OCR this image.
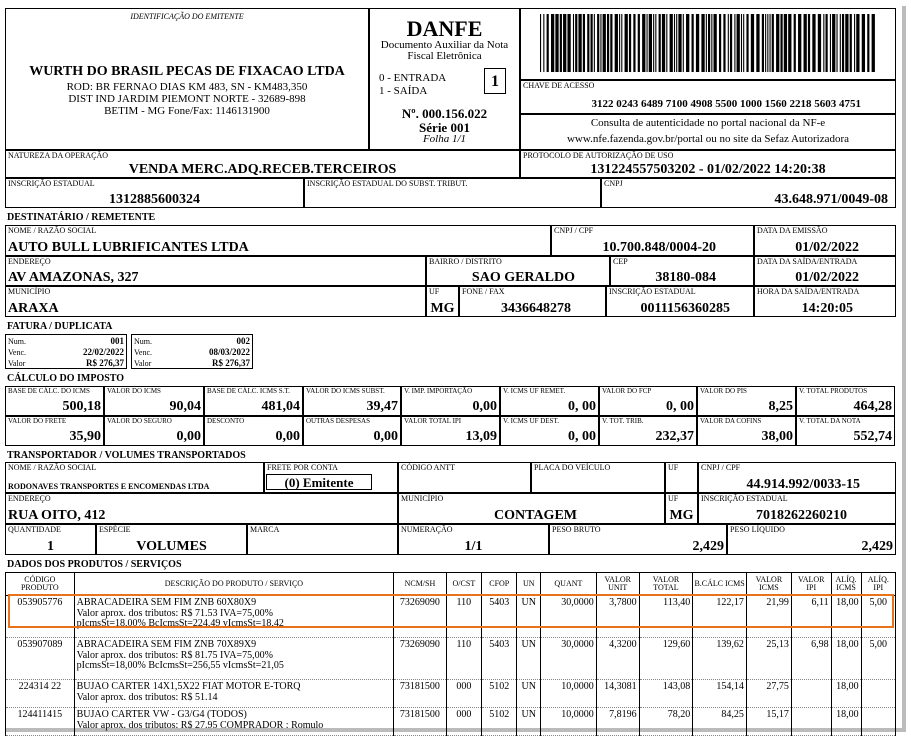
IDENTIFICAÇÃO DO EMITENTE
WURTH DO BRASIL PECAS DE FIXACAO LTDA
ROD: BR FERNAO DIAS KM 483, SN - KM483,350
DIST IND JARDIM PIEMONT NORTE - 32689-898
BETIM - MG Fone/Fax: 1146131900
DANFE
Documento Auxiliar da Nota
Fiscal Eletrônica
0 - ENTRADA
1 - SAÍDA
1
Nº. 000.156.022
Série 001
Folha 1/1
CHAVE DE ACESSO
3122 0243 6489 7100 4908 5500 1000 1560 2218 5603 4751
Consulta de autenticidade no portal nacional da NF-e
www.nfe.fazenda.gov.br/portal ou no site da Sefaz Autorizadora
NATUREZA DA OPERAÇÃO
VENDA MERC.ADQ.RECEB.TERCEIROS
PROTOCOLO DE AUTORIZAÇÃO DE USO
131224557503202 - 01/02/2022 14:20:38
INSCRIÇÃO ESTADUAL
1312885600324
INSCRIÇÃO ESTADUAL DO SUBST. TRIBUT.	CNPJ
43.648.971/0049-08
DESTINATÁRIO / REMETENTE
NOME / RAZÃO SOCIAL
AUTO BULL LUBRIFICANTES LTDA
CNPJ / CPF
10.700.848/0004-20
DATA DA EMISSÃO
01/02/2022
ENDEREÇO
AV AMAZONAS, 327
BAIRRO / DISTRITO
SAO GERALDO
CEP
38180-084
DATA DA SAÍDA/ENTRADA
01/02/2022
MUNICÍPIO
ARAXA
UF
MG
FONE / FAX
3436648278
INSCRIÇÃO ESTADUAL
0011156360285
HORA DA SAÍDA/ENTRADA
14:20:05
FATURA / DUPLICATA
Num.	001
Venc.	22/02/2022
Valor	R$ 276,37
Num.	002
Venc.	08/03/2022
Valor	R$ 276,37
CÁLCULO DO IMPOSTO
BASE DE CÁLC. DO ICMS
500,18
VALOR DO ICMS
90,04
BASE DE CÁLC. ICMS S.T.
481,04
VALOR DO ICMS SUBST.
39,47
V. IMP. IMPORTAÇÃO
0,00
V. ICMS UF REMET.
0, 00
VALOR DO FCP
0, 00
VALOR DO PIS
8,25
V. TOTAL PRODUTOS
464,28
VALOR DO FRETE
35,90
VALOR DO SEGURO
0,00
DESCONTO
0,00
OUTRAS DESPESAS
0,00
VALOR TOTAL IPI
13,09
V. ICMS UF DEST.
0, 00
V. TOT. TRIB.
232,37
VALOR DA COFINS
38,00
V. TOTAL DA NOTA
552,74
TRANSPORTADOR / VOLUMES TRANSPORTADOS
NOME / RAZÃO SOCIAL
RODONAVES TRANSPORTES E ENCOMENDAS LTDA
FRETE POR CONTA
(0) Emitente
CÓDIGO ANTT	PLACA DO VEÍCULO	UF	CNPJ / CPF
44.914.992/0033-15
ENDEREÇO
RUA OITO, 412
MUNICÍPIO
CONTAGEM
UF
MG
INSCRIÇÃO ESTADUAL
7018262260210
QUANTIDADE
1
ESPÉCIE
VOLUMES
MARCA	NUMERAÇÃO
1/1
PESO BRUTO
2,429
PESO LÍQUIDO
2,429
DADOS DOS PRODUTOS / SERVIÇOS
CÓDIGO PRODUTO	DESCRIÇÃO DO PRODUTO / SERVIÇO	NCM/SH	O/CST	CFOP	UN	QUANT	VALOR UNIT	VALOR TOTAL	B.CÁLC ICMS	VALOR ICMS	VALOR IPI	ALÍQ. ICMS	ALÍQ. IPI
053905776	ABRACADEIRA SEM FIM ZNB 60X80X9
Valor aprox. dos tributos: R$ 71.53 IVA=75,00%
pIcmsSt=18,00% BcIcmsSt=224,49 vIcmsSt=18,42	73269090	110	5403	UN	30,0000	3,7800	113,40	122,17	21,99	6,11	18,00	5,00
053907089	ABRACADEIRA SEM FIM ZNB 70X89X9
Valor aprox. dos tributos: R$ 81.75 IVA=75,00%
pIcmsSt=18,00% BcIcmsSt=256,55 vIcmsSt=21,05	73269090	110	5403	UN	30,0000	4,3200	129,60	139,62	25,13	6,98	18,00	5,00
224314 22	BUJAO CARTER 14X1,5X22 FIAT MOTOR E-TORQ
Valor aprox. dos tributos: R$ 51.14	73181500	000	5102	UN	10,0000	14,3081	143,08	154,14	27,75		18,00	
124411415	BUJAO CARTER VW - G3/G4 (TODOS)
Valor aprox. dos tributos: R$ 27.95 COMPRADOR : Romulo	73181500	000	5102	UN	10,0000	7,8196	78,20	84,25	15,17		18,00	
